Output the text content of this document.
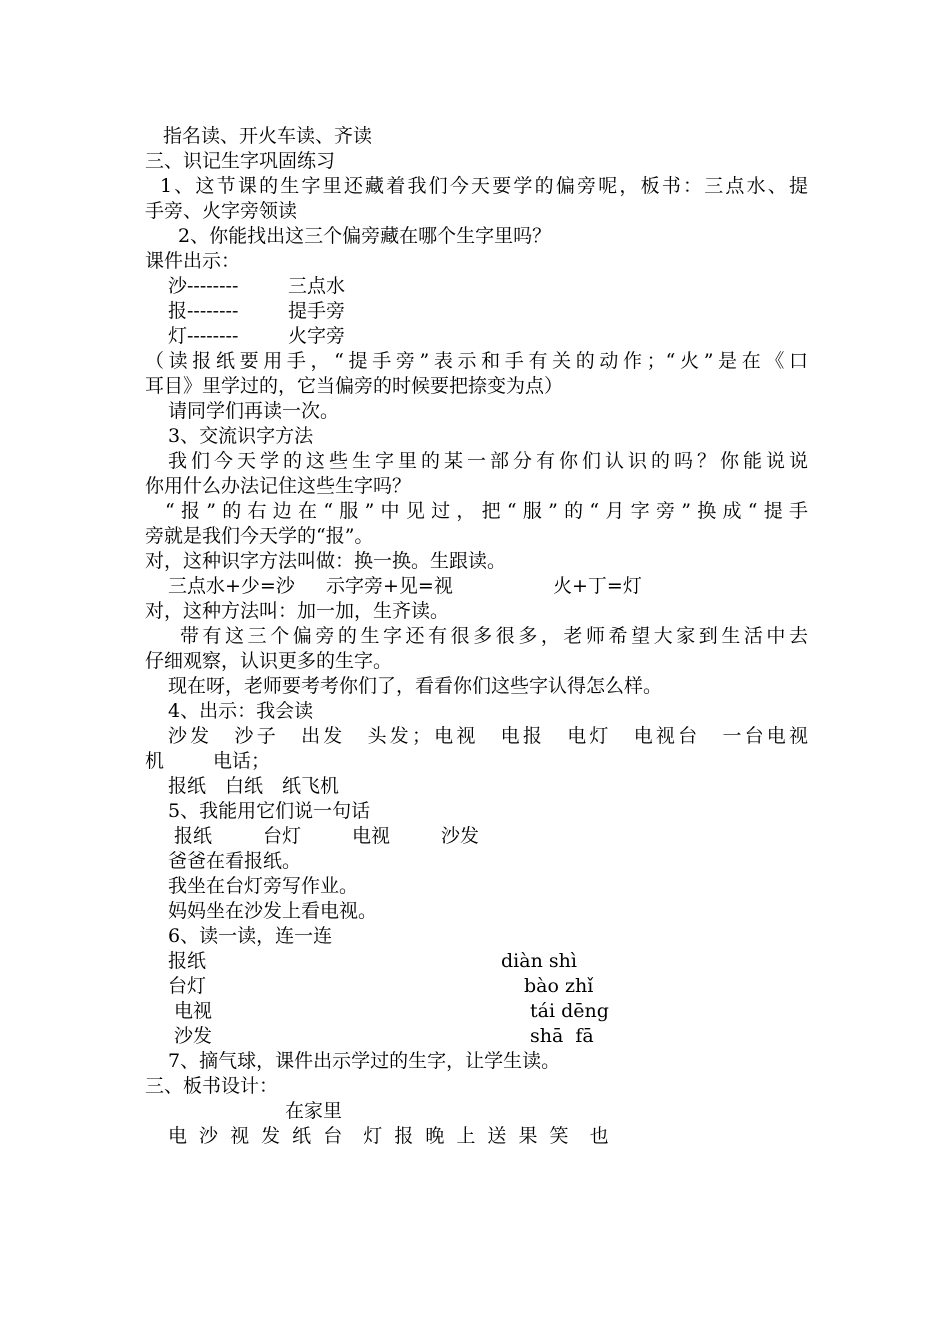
指名读、开火车读、齐读
三、识记生字巩固练习
1、这节课的生字里还藏着我们今天要学的偏旁呢，板书：三点水、提
手旁、火字旁领读
2、你能找出这三个偏旁藏在哪个生字里吗？
课件出示：
沙--------	三点水
报--------	提手旁
灯--------	火字旁
（读报纸要用手，“提手旁”表示和手有关的动作；“火”是在《口
耳目》里学过的，它当偏旁的时候要把捺变为点）
请同学们再读一次。
3、交流识字方法
我们今天学的这些生字里的某一部分有你们认识的吗？你能说说
你用什么办法记住这些生字吗？
“报”的右边在“服”中见过，把“服”的“月字旁”换成“提手
旁就是我们今天学的“报”。
对，这种识字方法叫做：换一换。生跟读。
三点水+少=沙 示字旁+见=视	火+丁=灯
对，这种方法叫：加一加，生齐读。
带有这三个偏旁的生字还有很多很多，老师希望大家到生活中去
仔细观察，认识更多的生字。
现在呀，老师要考考你们了，看看你们这些字认得怎么样。
4、出示：我会读
沙发　沙子　出发　头发；电视　电报　电灯　电视台　一台电视
机	电话；
报纸　白纸　纸飞机
5、我能用它们说一句话
报纸	台灯	电视	沙发
爸爸在看报纸。
我坐在台灯旁写作业。
妈妈坐在沙发上看电视。
6、读一读，连一连
报纸	diàn shì
台灯	bào zhǐ
电视	tái dēng
沙发	shā  fā
7、摘气球，课件出示学过的生字，让学生读。
三、板书设计：
在家里
电 沙 视 发 纸 台  灯 报 晚 上 送 果 笑  也
